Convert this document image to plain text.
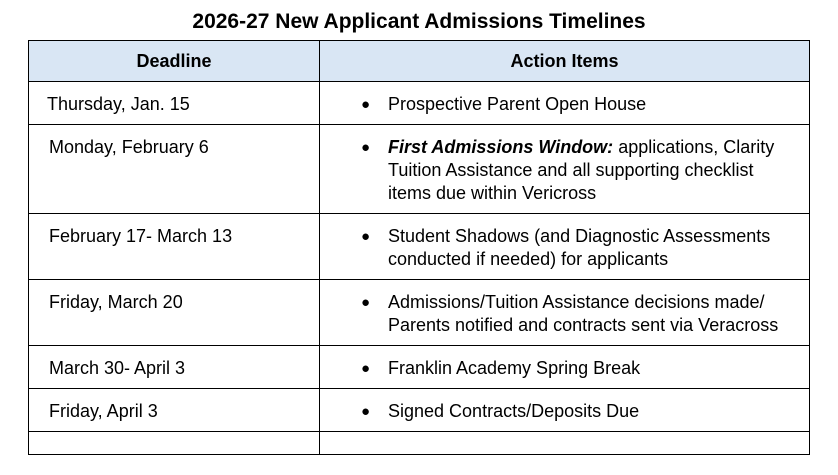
2026-27 New Applicant Admissions Timelines
Deadline	Action Items
Thursday, Jan. 15	● Prospective Parent Open House

Monday, February 6	● First Admissions Window: applications, Clarity Tuition Assistance and all supporting checklist items due within Vericross

February 17- March 13	● Student Shadows (and Diagnostic Assessments conducted if needed) for applicants

Friday, March 20	● Admissions/Tuition Assistance decisions made/ Parents notified and contracts sent via Veracross

March 30- April 3	● Franklin Academy Spring Break

Friday, April 3	● Signed Contracts/Deposits Due
